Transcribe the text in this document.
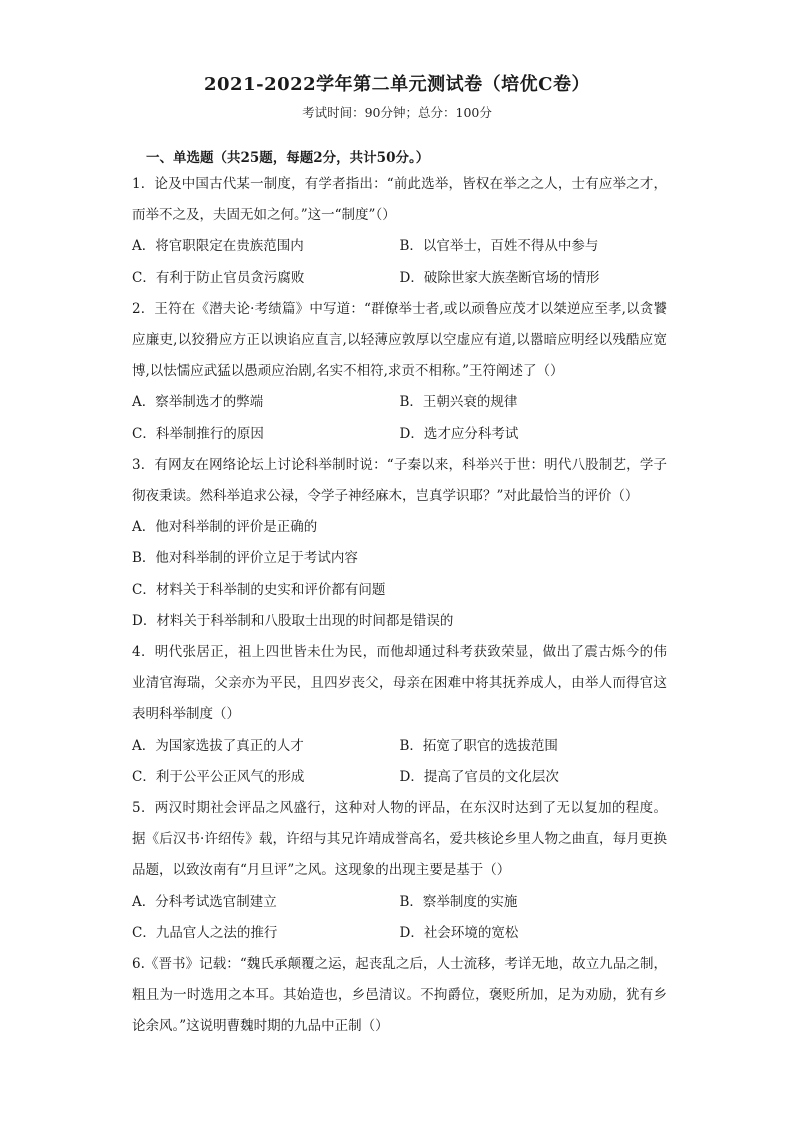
2021-2022学年第二单元测试卷（培优C卷）
考试时间：90分钟；总分：100分
一、单选题（共25题，每题2分，共计50分。）

1．论及中国古代某一制度，有学者指出：“前此选举，皆权在举之之人，士有应举之才，而举不之及，夫固无如之何。”这一“制度”（）

A．将官职限定在贵族范围内	B．以官举士，百姓不得从中参与
C．有利于防止官员贪污腐败	D．破除世家大族垄断官场的情形

2．王符在《潜夫论·考绩篇》中写道：“群僚举士者,或以顽鲁应茂才以桀逆应至孝,以贪饕应廉吏,以狡猾应方正以谀谄应直言,以轻薄应敦厚以空虚应有道,以嚣暗应明经以残酷应宽博,以怯懦应武猛以愚顽应治剧,名实不相符,求贡不相称。”王符阐述了（）

A．察举制选才的弊端	B．王朝兴衰的规律
C．科举制推行的原因	D．选才应分科考试

3．有网友在网络论坛上讨论科举制时说：“子秦以来，科举兴于世：明代八股制艺，学子彻夜秉读。然科举追求公禄，令学子神经麻木，岂真学识耶？”对此最恰当的评价（）

A．他对科举制的评价是正确的
B．他对科举制的评价立足于考试内容
C．材料关于科举制的史实和评价都有问题
D．材料关于科举制和八股取士出现的时间都是错误的

4．明代张居正，祖上四世皆未仕为民，而他却通过科考获致荣显，做出了震古烁今的伟业清官海瑞，父亲亦为平民，且四岁丧父，母亲在困难中将其抚养成人，由举人而得官这表明科举制度（）

A．为国家选拔了真正的人才	B．拓宽了职官的选拔范围
C．利于公平公正风气的形成	D．提高了官员的文化层次

5．两汉时期社会评品之风盛行，这种对人物的评品，在东汉时达到了无以复加的程度。据《后汉书·许绍传》载，许绍与其兄许靖成誉高名，爱共核论乡里人物之曲直，每月更换品题，以致汝南有“月旦评”之风。这现象的出现主要是基于（）

A．分科考试选官制建立	B．察举制度的实施
C．九品官人之法的推行	D．社会环境的宽松

6.《晋书》记载：“魏氏承颠覆之运，起丧乱之后，人士流移，考详无地，故立九品之制，粗且为一时选用之本耳。其始造也，乡邑清议。不拘爵位，褒贬所加，足为劝励，犹有乡论余风。”这说明曹魏时期的九品中正制（）
